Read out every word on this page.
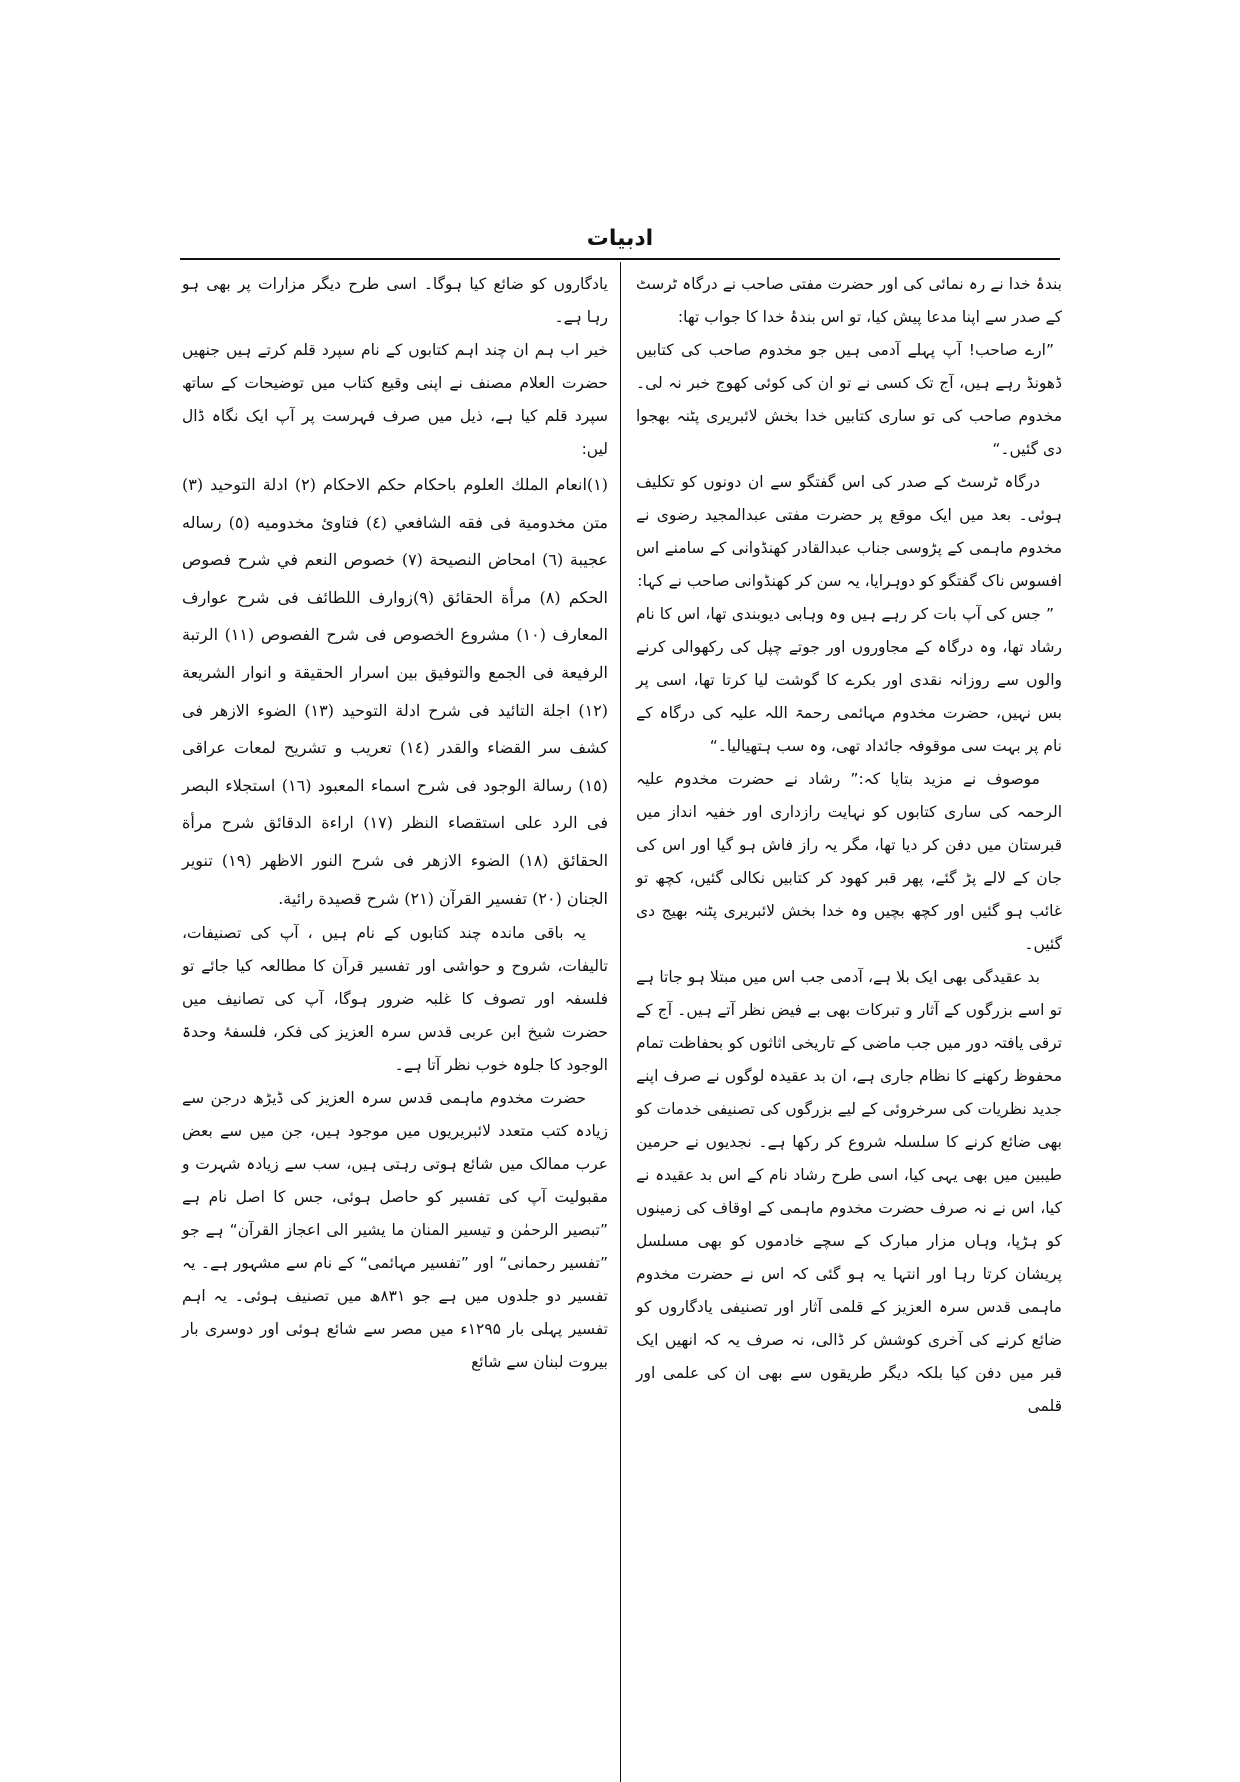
ادبیات

بندۂ خدا نے رہ نمائی کی اور حضرت مفتی صاحب نے درگاہ ٹرسٹ کے صدر سے اپنا مدعا پیش کیا، تو اس بندۂ خدا کا جواب تھا:

”ارے صاحب! آپ پہلے آدمی ہیں جو مخدوم صاحب کی کتابیں ڈھونڈ رہے ہیں، آج تک کسی نے تو ان کی کوئی کھوج خبر نہ لی۔ مخدوم صاحب کی تو ساری کتابیں خدا بخش لائبریری پٹنہ بھجوا دی گئیں۔“

درگاہ ٹرسٹ کے صدر کی اس گفتگو سے ان دونوں کو تکلیف ہوئی۔ بعد میں ایک موقع پر حضرت مفتی عبدالمجید رضوی نے مخدوم ماہمی کے پڑوسی جناب عبدالقادر کھنڈوانی کے سامنے اس افسوس ناک گفتگو کو دوہرایا، یہ سن کر کھنڈوانی صاحب نے کہا:

” جس کی آپ بات کر رہے ہیں وہ وہابی دیوبندی تھا، اس کا نام رشاد تھا، وہ درگاہ کے مجاوروں اور جوتے چپل کی رکھوالی کرنے والوں سے روزانہ نقدی اور بکرے کا گوشت لیا کرتا تھا، اسی پر بس نہیں، حضرت مخدوم مہائمی رحمۃ اللہ علیہ کی درگاہ کے نام پر بہت سی موقوفہ جائداد تھی، وہ سب ہتھیالیا۔“

موصوف نے مزید بتایا کہ:” رشاد نے حضرت مخدوم علیہ الرحمہ کی ساری کتابوں کو نہایت رازداری اور خفیہ انداز میں قبرستان میں دفن کر دیا تھا، مگر یہ راز فاش ہو گیا اور اس کی جان کے لالے پڑ گئے، پھر قبر کھود کر کتابیں نکالی گئیں، کچھ تو غائب ہو گئیں اور کچھ بچیں وہ خدا بخش لائبریری پٹنہ بھیج دی گئیں۔

بد عقیدگی بھی ایک بلا ہے، آدمی جب اس میں مبتلا ہو جاتا ہے تو اسے بزرگوں کے آثار و تبرکات بھی بے فیض نظر آتے ہیں۔ آج کے ترقی یافتہ دور میں جب ماضی کے تاریخی اثاثوں کو بحفاظت تمام محفوظ رکھنے کا نظام جاری ہے، ان بد عقیدہ لوگوں نے صرف اپنے جدید نظریات کی سرخروئی کے لیے بزرگوں کی تصنیفی خدمات کو بھی ضائع کرنے کا سلسلہ شروع کر رکھا ہے۔ نجدیوں نے حرمین طیبین میں بھی یہی کیا، اسی طرح رشاد نام کے اس بد عقیدہ نے کیا، اس نے نہ صرف حضرت مخدوم ماہمی کے اوقاف کی زمینوں کو ہڑپا، وہاں مزار مبارک کے سچے خادموں کو بھی مسلسل پریشان کرتا رہا اور انتہا یہ ہو گئی کہ اس نے حضرت مخدوم ماہمی قدس سرہ العزیز کے قلمی آثار اور تصنیفی یادگاروں کو ضائع کرنے کی آخری کوشش کر ڈالی، نہ صرف یہ کہ انھیں ایک قبر میں دفن کیا بلکہ دیگر طریقوں سے بھی ان کی علمی اور قلمی

یادگاروں کو ضائع کیا ہوگا۔ اسی طرح دیگر مزارات پر بھی ہو رہا ہے۔

خیر اب ہم ان چند اہم کتابوں کے نام سپرد قلم کرتے ہیں جنھیں حضرت العلام مصنف نے اپنی وقیع کتاب میں توضیحات کے ساتھ سپرد قلم کیا ہے، ذیل میں صرف فہرست پر آپ ایک نگاہ ڈال لیں:

(١)انعام الملك العلوم باحكام حكم الاحكام (٢) ادلة التوحيد (٣) متن مخدومية فى فقه الشافعي (٤) فتاوئ مخدوميه (٥) رساله عجيبة (٦) امحاض النصيحة (٧) خصوص النعم في شرح فصوص الحكم (٨) مرأة الحقائق (٩)زوارف اللطائف فى شرح عوارف المعارف (١٠) مشروع الخصوص فى شرح الفصوص (١١) الرتبة الرفيعة فى الجمع والتوفيق بين اسرار الحقيقة و انوار الشريعة (١٢) اجلة التائيد فى شرح ادلة التوحيد (١٣) الضوء الازهر فى كشف سر القضاء والقدر (١٤) تعريب و تشريح لمعات عراقى (١٥) رسالة الوجود فى شرح اسماء المعبود (١٦) استجلاء البصر فى الرد على استقصاء النظر (١٧) اراءة الدقائق شرح مرأة الحقائق (١٨) الضوء الازهر فى شرح النور الاظهر (١٩) تنوير الجنان (٢٠) تفسير القرآن (٢١) شرح قصيدة رائية.

یہ باقی ماندہ چند کتابوں کے نام ہیں ، آپ کی تصنیفات، تالیفات، شروح و حواشی اور تفسیر قرآن کا مطالعہ کیا جائے تو فلسفہ اور تصوف کا غلبہ ضرور ہوگا، آپ کی تصانیف میں حضرت شیخ ابن عربی قدس سرہ العزیز کی فکر، فلسفۂ وحدۃ الوجود کا جلوہ خوب نظر آتا ہے۔

حضرت مخدوم ماہمی قدس سرہ العزیز کی ڈیڑھ درجن سے زیادہ کتب متعدد لائبریریوں میں موجود ہیں، جن میں سے بعض عرب ممالک میں شائع ہوتی رہتی ہیں، سب سے زیادہ شہرت و مقبولیت آپ کی تفسیر کو حاصل ہوئی، جس کا اصل نام ہے ”تبصیر الرحمٰن و تیسیر المنان ما یشیر الی اعجاز القرآن“ ہے جو ”تفسیر رحمانی“ اور ”تفسیر مہائمی“ کے نام سے مشہور ہے۔ یہ تفسیر دو جلدوں میں ہے جو ۸۳۱ھ میں تصنیف ہوئی۔ یہ اہم تفسیر پہلی بار ۱۲۹۵ء میں مصر سے شائع ہوئی اور دوسری بار بیروت لبنان سے شائع
